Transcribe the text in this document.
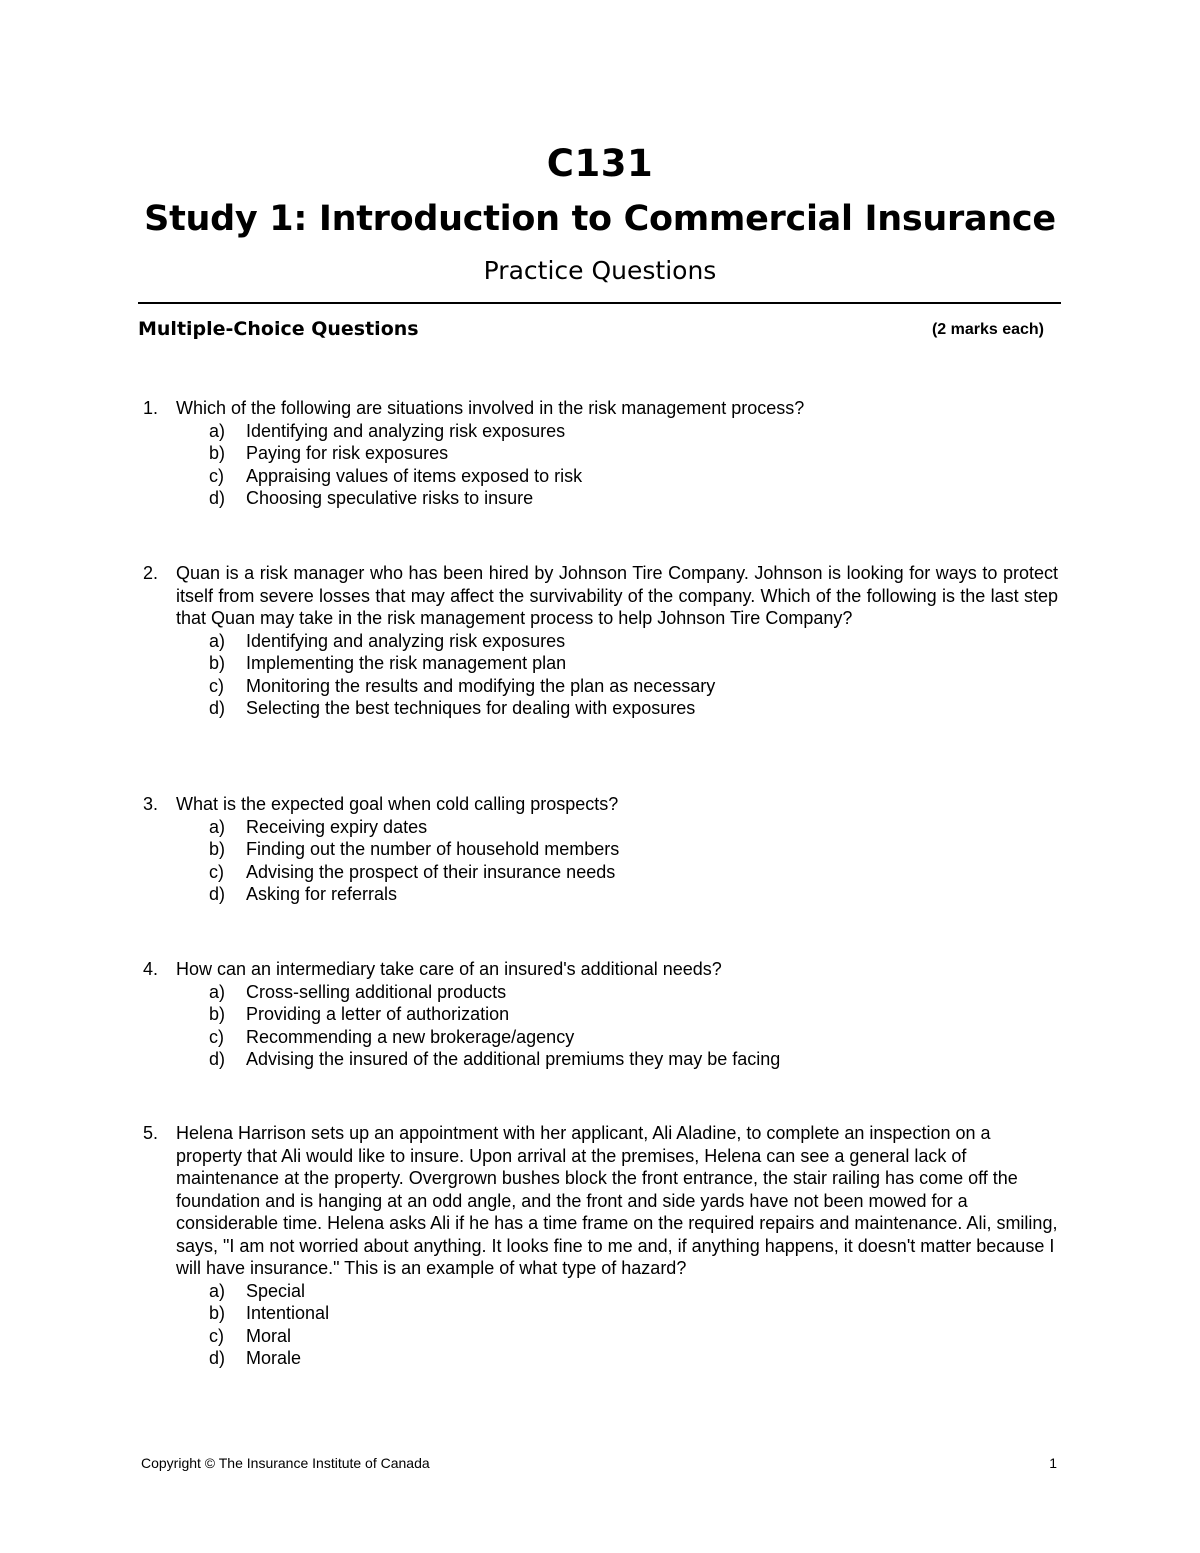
C131
Study 1: Introduction to Commercial Insurance
Practice Questions
Multiple-Choice Questions	(2 marks each)
1. Which of the following are situations involved in the risk management process?
a)	Identifying and analyzing risk exposures
b)	Paying for risk exposures
c)	Appraising values of items exposed to risk
d)	Choosing speculative risks to insure
2. Quan is a risk manager who has been hired by Johnson Tire Company. Johnson is looking for ways to protect itself from severe losses that may affect the survivability of the company. Which of the following is the last step that Quan may take in the risk management process to help Johnson Tire Company?
a)	Identifying and analyzing risk exposures
b)	Implementing the risk management plan
c)	Monitoring the results and modifying the plan as necessary
d)	Selecting the best techniques for dealing with exposures
3. What is the expected goal when cold calling prospects?
a)	Receiving expiry dates
b)	Finding out the number of household members
c)	Advising the prospect of their insurance needs
d)	Asking for referrals
4. How can an intermediary take care of an insured's additional needs?
a)	Cross-selling additional products
b)	Providing a letter of authorization
c)	Recommending a new brokerage/agency
d)	Advising the insured of the additional premiums they may be facing
5. Helena Harrison sets up an appointment with her applicant, Ali Aladine, to complete an inspection on a property that Ali would like to insure. Upon arrival at the premises, Helena can see a general lack of maintenance at the property. Overgrown bushes block the front entrance, the stair railing has come off the foundation and is hanging at an odd angle, and the front and side yards have not been mowed for a considerable time. Helena asks Ali if he has a time frame on the required repairs and maintenance. Ali, smiling, says, "I am not worried about anything. It looks fine to me and, if anything happens, it doesn't matter because I will have insurance." This is an example of what type of hazard?
a)	Special
b)	Intentional
c)	Moral
d)	Morale
Copyright © The Insurance Institute of Canada	1
